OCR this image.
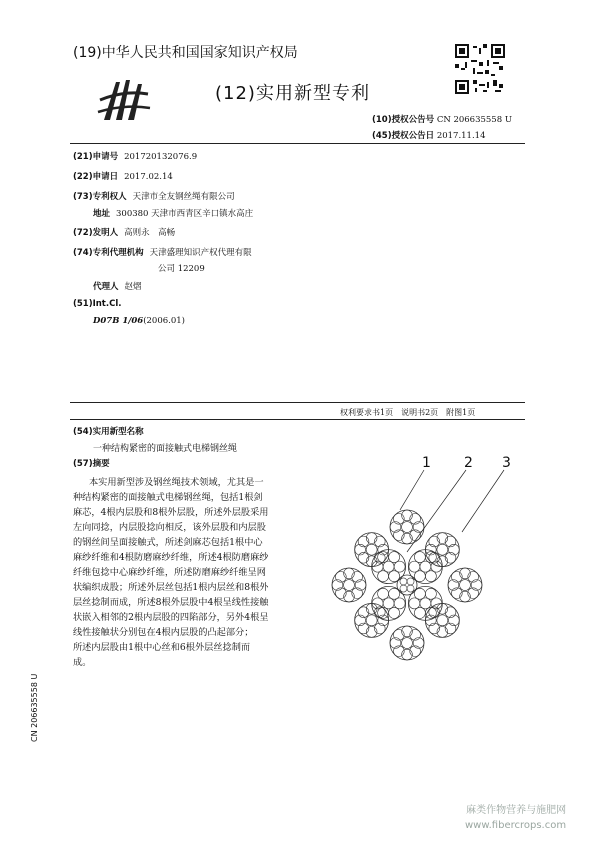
(19)中华人民共和国国家知识产权局
(12)实用新型专利
(10)授权公告号 CN 206635558 U
(45)授权公告日 2017.11.14
(21)申请号 201720132076.9
(22)申请日 2017.02.14
(73)专利权人 天津市全友钢丝绳有限公司
地址 300380 天津市西青区辛口镇水高庄
(72)发明人 高则永　高畅
(74)专利代理机构 天津盛理知识产权代理有限
公司 12209
代理人 赵熠
(51)Int.Cl.
D07B 1/06(2006.01)
权利要求书1页　说明书2页　附图1页
(54)实用新型名称
一种结构紧密的面接触式电梯钢丝绳
(57)摘要
本实用新型涉及钢丝绳技术领域，尤其是一
种结构紧密的面接触式电梯钢丝绳，包括1根剑
麻芯，4根内层股和8根外层股，所述外层股采用
左向同捻，内层股捻向相反，该外层股和内层股
的钢丝间呈面接触式，所述剑麻芯包括1根中心
麻纱纤维和4根防磨麻纱纤维，所述4根防磨麻纱
纤维包捻中心麻纱纤维，所述防磨麻纱纤维呈网
状编织成股；所述外层丝包括1根内层丝和8根外
层丝捻制而成，所述8根外层股中4根呈线性接触
状嵌入相邻的2根内层股的四陷部分，另外4根呈
线性接触状分别包在4根内层股的凸起部分；
所述内层股由1根中心丝和6根外层丝捻制而
成。
1 2 3
CN 206635558 U
麻类作物营养与施肥网
www.fibercrops.com
